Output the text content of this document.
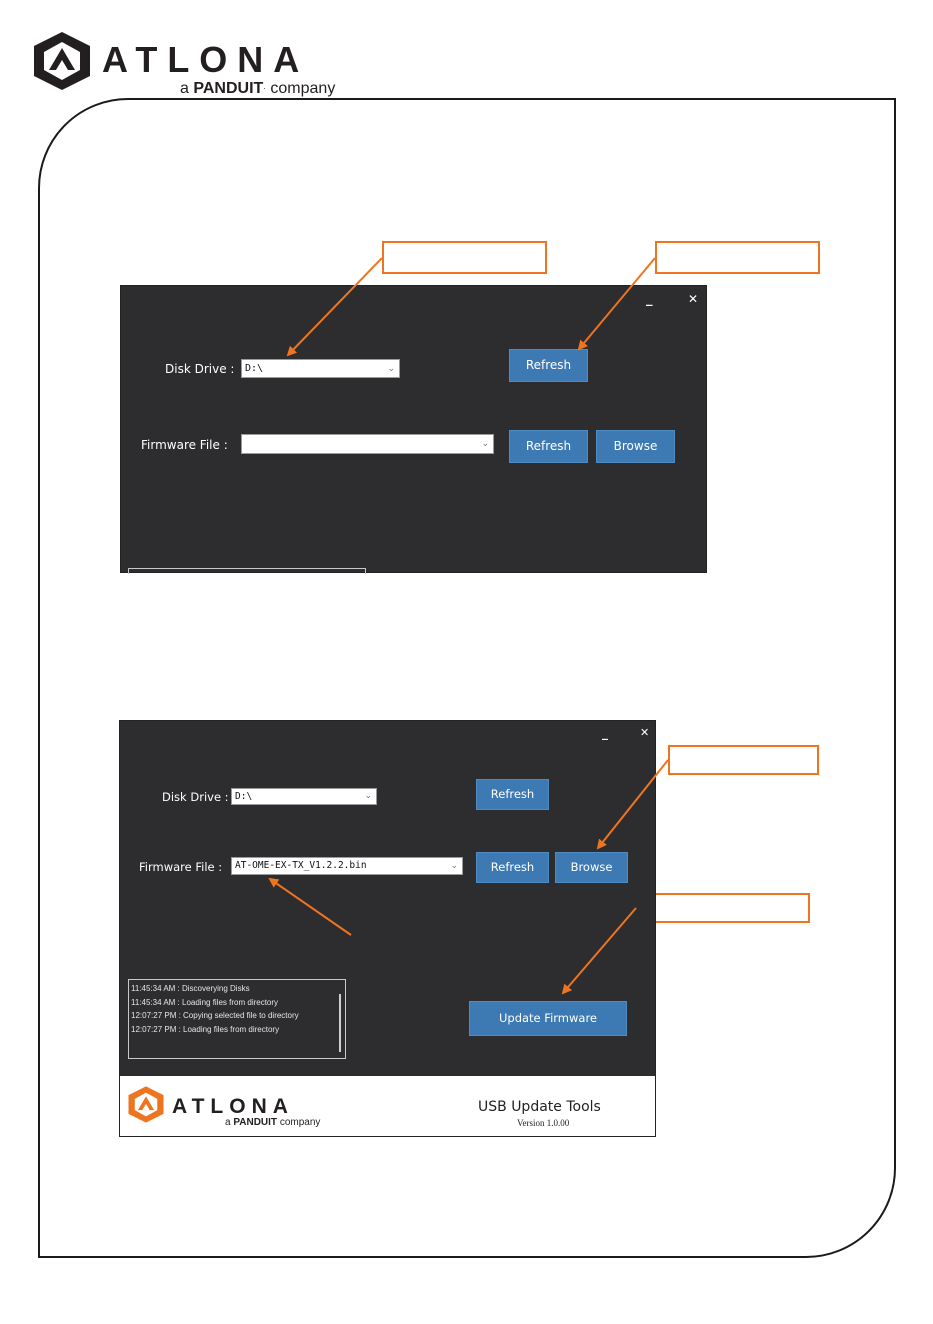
ATLONA
a PANDUIT· company
_	✕
Disk Drive :	D:\	⌄	Refresh
Firmware File :	⌄	Refresh	Browse
_	✕
Disk Drive : D:\	⌄	Refresh
Firmware File :	AT-OME-EX-TX_V1.2.2.bin	⌄	Refresh	Browse
11:45:34 AM : Discoverying Disks
11:45:34 AM : Loading files from directory
12:07:27 PM : Copying selected file to directory
12:07:27 PM : Loading files from directory
Update Firmware
ATLONA
a PANDUIT company
USB Update Tools
Version 1.0.00
